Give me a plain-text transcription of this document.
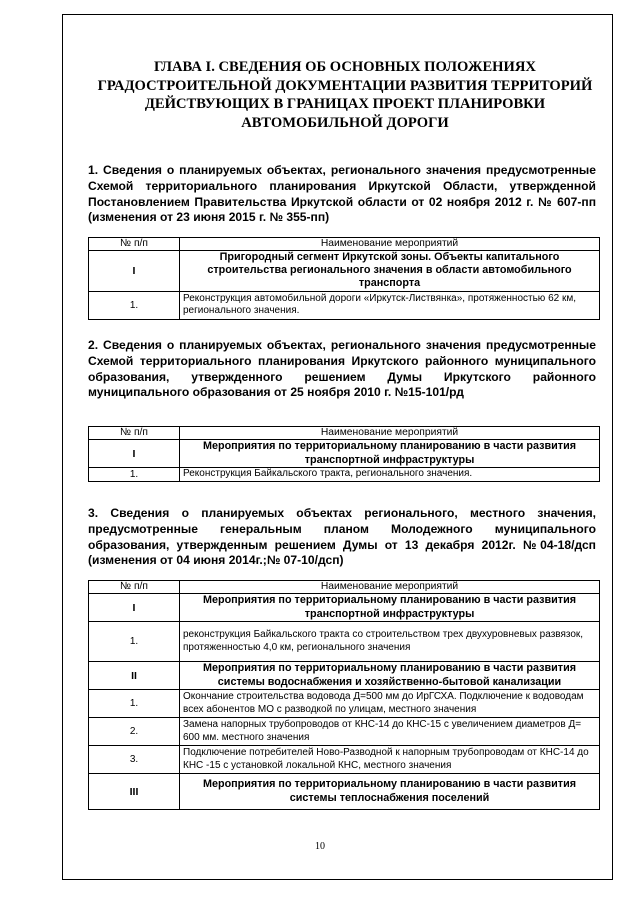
ГЛАВА I. СВЕДЕНИЯ ОБ ОСНОВНЫХ ПОЛОЖЕНИЯХ ГРАДОСТРОИТЕЛЬНОЙ ДОКУМЕНТАЦИИ РАЗВИТИЯ ТЕРРИТОРИЙ ДЕЙСТВУЮЩИХ В ГРАНИЦАХ ПРОЕКТ ПЛАНИРОВКИ АВТОМОБИЛЬНОЙ ДОРОГИ
1. Сведения о планируемых объектах, регионального значения предусмотренные Схемой территориального планирования Иркутской Области, утвержденной Постановлением Правительства Иркутской области от 02 ноября 2012 г. № 607-пп (изменения от 23 июня 2015 г. № 355-пп)
№ п/п	Наименование мероприятий
I	Пригородный сегмент Иркутской зоны. Объекты капитального строительства регионального значения в области автомобильного транспорта
1.	Реконструкция автомобильной дороги «Иркутск-Листвянка», протяженностью 62 км, регионального значения.
2. Сведения о планируемых объектах, регионального значения предусмотренные Схемой территориального планирования Иркутского районного муниципального образования, утвержденного решением Думы Иркутского районного муниципального образования от 25 ноября 2010 г. №15-101/рд
№ п/п	Наименование мероприятий
I	Мероприятия по территориальному планированию в части развития транспортной инфраструктуры
1.	Реконструкция Байкальского тракта, регионального значения.
3. Сведения о планируемых объектах регионального, местного значения, предусмотренные генеральным планом Молодежного муниципального образования, утвержденным решением Думы от 13 декабря 2012г. №04-18/дсп (изменения от 04 июня 2014г.;№ 07-10/дсп)
№ п/п	Наименование мероприятий
I	Мероприятия по территориальному планированию в части развития транспортной инфраструктуры
1.	реконструкция Байкальского тракта со строительством трех двухуровневых развязок, протяженностью 4,0 км, регионального значения
II	Мероприятия по территориальному планированию в части развития системы водоснабжения и хозяйственно-бытовой канализации
1.	Окончание строительства водовода Д=500 мм до ИрГСХА. Подключение к водоводам всех абонентов МО с разводкой по улицам, местного значения
2.	Замена напорных трубопроводов от КНС-14 до КНС-15 с увеличением диаметров Д= 600 мм. местного значения
3.	Подключение потребителей Ново-Разводной к напорным трубопроводам от КНС-14 до КНС -15 с установкой локальной КНС, местного значения
III	Мероприятия по территориальному планированию в части развития системы теплоснабжения поселений
10
